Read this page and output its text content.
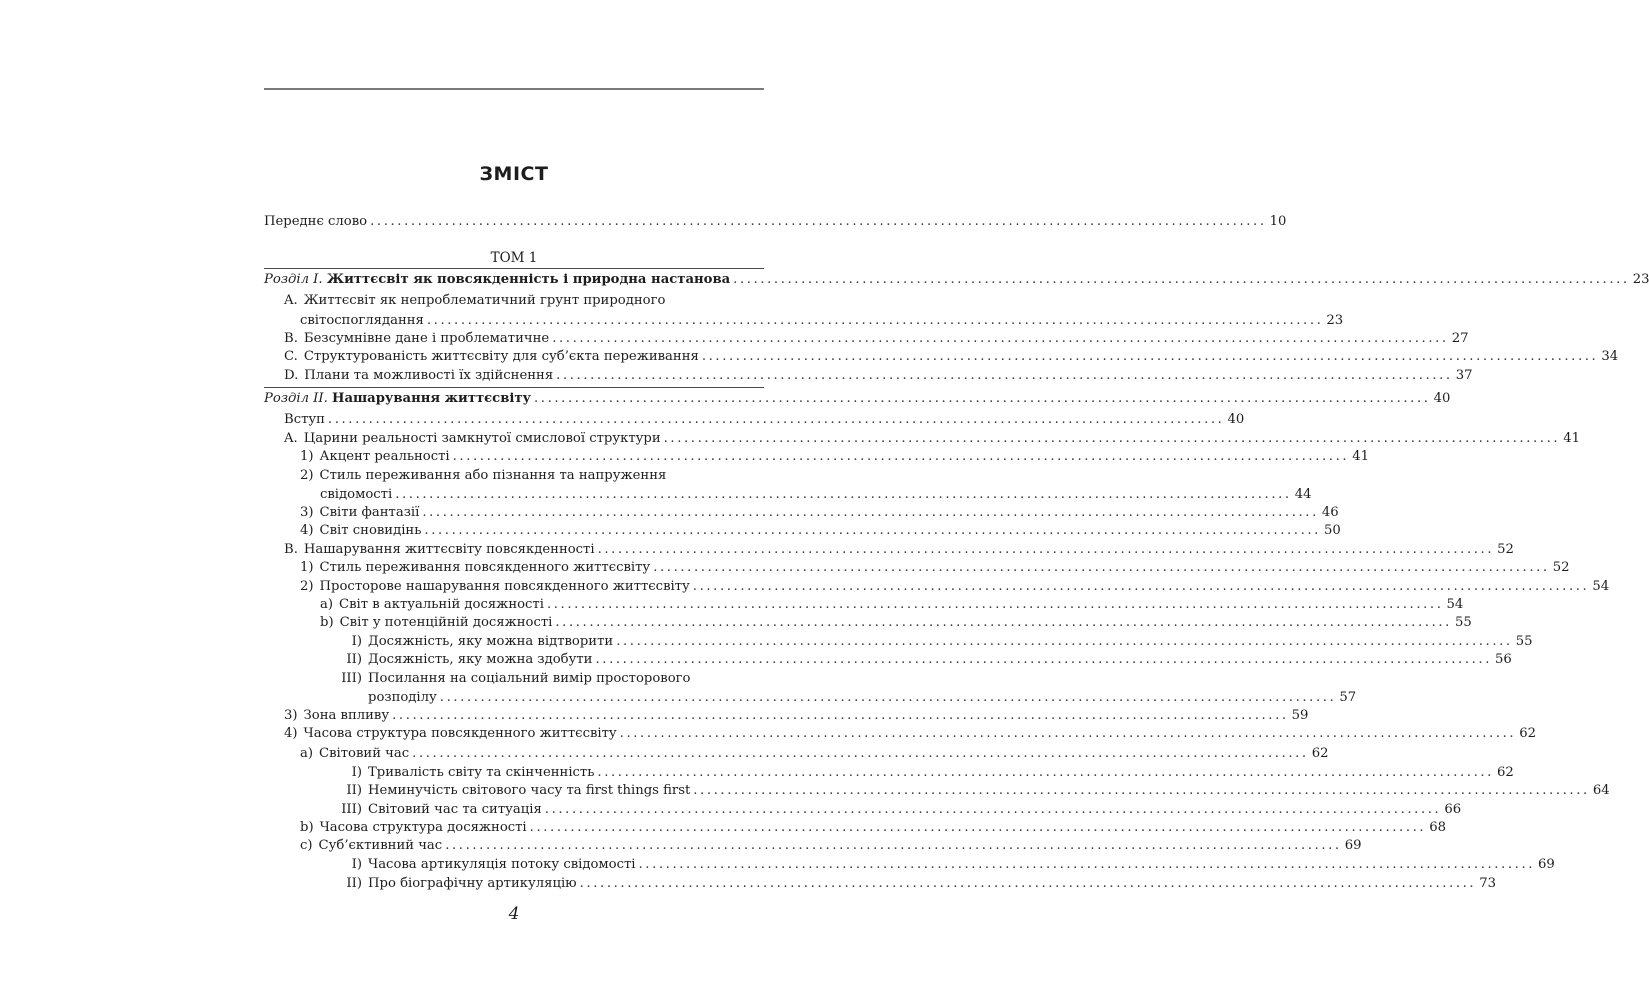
ЗМІСТ
Переднє слово .................................................................................................................................... 10
ТОМ 1
Розділ I. Життєсвіт як повсякденність і природна настанова .................................................................................................................................... 23
A. Життєсвіт як непроблематичний грунт природного
світоспоглядання .................................................................................................................................... 23
B. Безсумнівне дане і проблематичне .................................................................................................................................... 27
C. Структурованість життєсвіту для суб’єкта переживання .................................................................................................................................... 34
D. Плани та можливості їх здійснення .................................................................................................................................... 37
Розділ II. Нашарування життєсвіту .................................................................................................................................... 40
Вступ .................................................................................................................................... 40
A. Царини реальності замкнутої смислової структури .................................................................................................................................... 41
1) Акцент реальності .................................................................................................................................... 41
2) Стиль переживання або пізнання та напруження
свідомості .................................................................................................................................... 44
3) Світи фантазії .................................................................................................................................... 46
4) Світ сновидінь .................................................................................................................................... 50
B. Нашарування життєсвіту повсякденності .................................................................................................................................... 52
1) Стиль переживання повсякденного життєсвіту .................................................................................................................................... 52
2) Просторове нашарування повсякденного життєсвіту .................................................................................................................................... 54
a) Світ в актуальній досяжності .................................................................................................................................... 54
b) Світ у потенційній досяжності .................................................................................................................................... 55
I) Досяжність, яку можна відтворити .................................................................................................................................... 55
II) Досяжність, яку можна здобути .................................................................................................................................... 56
III) Посилання на соціальний вимір просторового
розподілу .................................................................................................................................... 57
3) Зона впливу .................................................................................................................................... 59
4) Часова структура повсякденного життєсвіту .................................................................................................................................... 62
a) Світовий час .................................................................................................................................... 62
I) Тривалість світу та скінченність .................................................................................................................................... 62
II) Неминучість світового часу та first things first .................................................................................................................................... 64
III) Світовий час та ситуація .................................................................................................................................... 66
b) Часова структура досяжності .................................................................................................................................... 68
c) Суб’єктивний час .................................................................................................................................... 69
I) Часова артикуляція потоку свідомості .................................................................................................................................... 69
II) Про біографічну артикуляцію .................................................................................................................................... 73
4
